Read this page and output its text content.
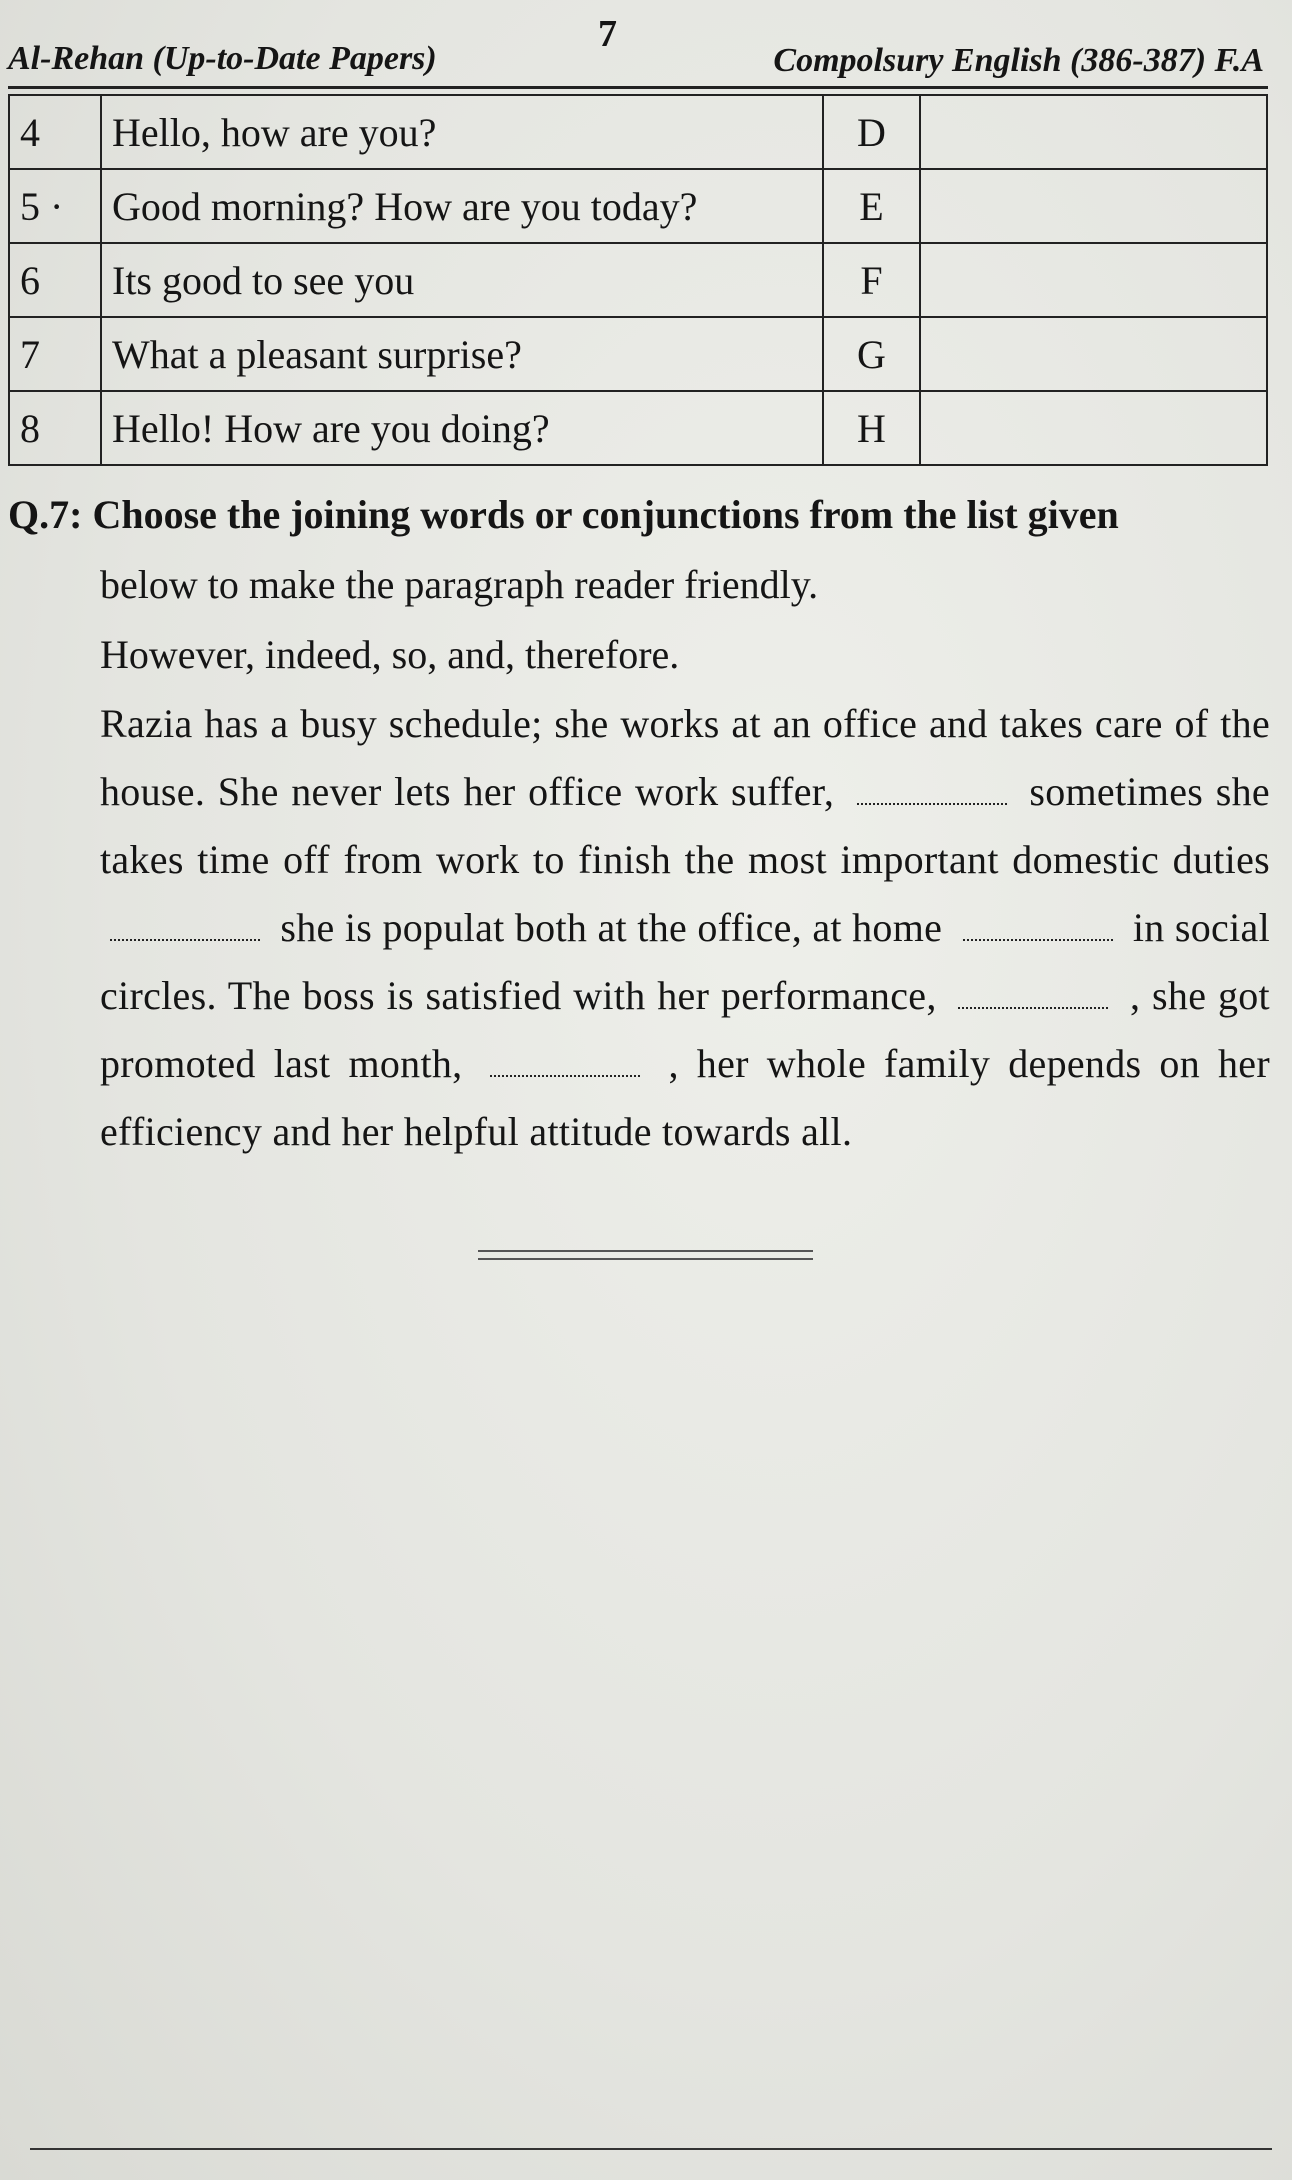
Al-Rehan (Up-to-Date Papers)
7
Compolsury English (386-387) F.A
4	Hello, how are you?	D	
5 ·	Good morning? How are you today?	E	
6	Its good to see you	F	
7	What a pleasant surprise?	G	
8	Hello! How are you doing?	H	
Q.7: Choose the joining words or conjunctions from the list given
below to make the paragraph reader friendly.
However, indeed, so, and, therefore.
Razia has a busy schedule; she works at an office and takes care of the house. She never lets her office work suffer,	sometimes she takes time off from work to finish the most important domestic duties  she is populat both at the office, at home	in social circles. The boss is satisfied with her performance,	, she got promoted last month,	, her whole family depends on her efficiency and her helpful attitude towards all.
